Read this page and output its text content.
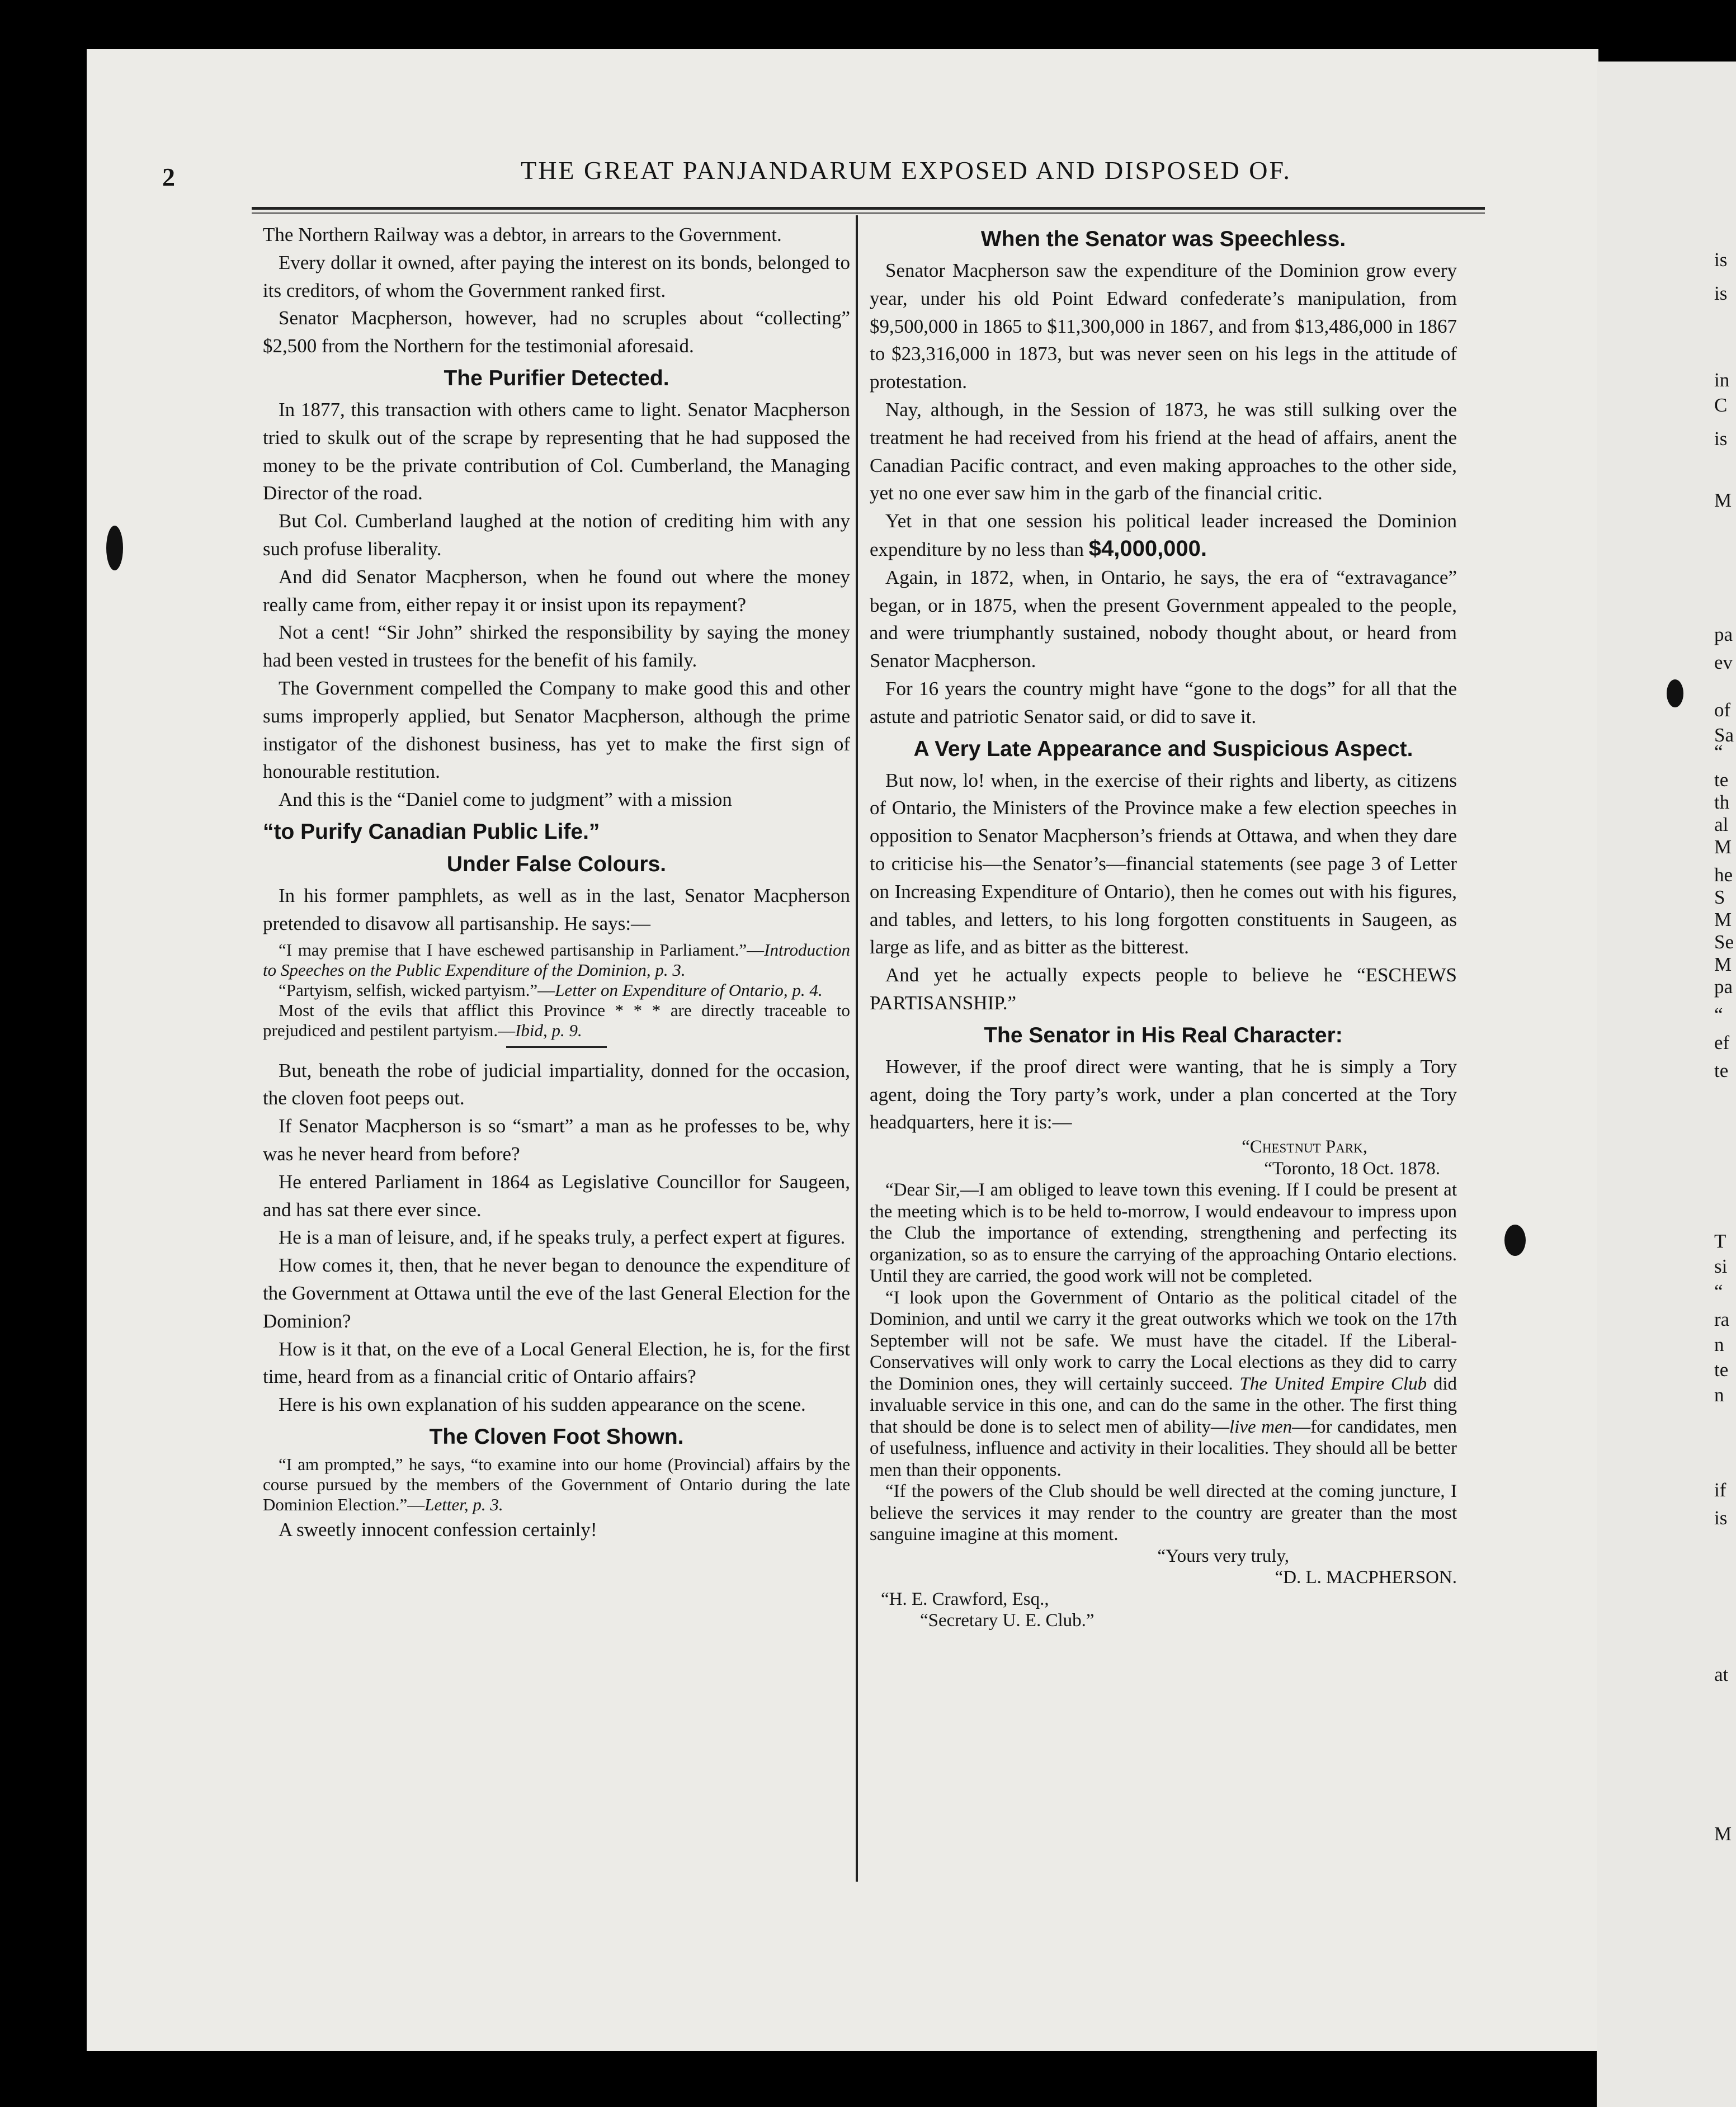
2	THE GREAT PANJANDARUM EXPOSED AND DISPOSED OF.

The Northern Railway was a debtor, in arrears to the Government.

Every dollar it owned, after paying the interest on its bonds, belonged to its creditors, of whom the Government ranked first.

Senator Macpherson, however, had no scruples about “collecting” $2,500 from the Northern for the testimonial aforesaid.

The Purifier Detected.

In 1877, this transaction with others came to light. Senator Macpherson tried to skulk out of the scrape by representing that he had supposed the money to be the private contribution of Col. Cumberland, the Managing Director of the road.

But Col. Cumberland laughed at the notion of crediting him with any such profuse liberality.

And did Senator Macpherson, when he found out where the money really came from, either repay it or insist upon its repayment?

Not a cent! “Sir John” shirked the responsibility by saying the money had been vested in trustees for the benefit of his family.

The Government compelled the Company to make good this and other sums improperly applied, but Senator Macpherson, although the prime instigator of the dishonest business, has yet to make the first sign of honourable restitution.

And this is the “Daniel come to judgment” with a mission

“to Purify Canadian Public Life.”
Under False Colours.

In his former pamphlets, as well as in the last, Senator Macpherson pretended to disavow all partisanship. He says:—

“I may premise that I have eschewed partisanship in Parliament.”—Introduction to Speeches on the Public Expenditure of the Dominion, p. 3.

“Partyism, selfish, wicked partyism.”—Letter on Expenditure of Ontario, p. 4.

Most of the evils that afflict this Province * * * are directly traceable to prejudiced and pestilent partyism.—Ibid, p. 9.

But, beneath the robe of judicial impartiality, donned for the occasion, the cloven foot peeps out.

If Senator Macpherson is so “smart” a man as he professes to be, why was he never heard from before?

He entered Parliament in 1864 as Legislative Councillor for Saugeen, and has sat there ever since.

He is a man of leisure, and, if he speaks truly, a perfect expert at figures.

How comes it, then, that he never began to denounce the expenditure of the Government at Ottawa until the eve of the last General Election for the Dominion?

How is it that, on the eve of a Local General Election, he is, for the first time, heard from as a financial critic of Ontario affairs?

Here is his own explanation of his sudden appearance on the scene.

The Cloven Foot Shown.

“I am prompted,” he says, “to examine into our home (Provincial) affairs by the course pursued by the members of the Government of Ontario during the late Dominion Election.”—Letter, p. 3.

A sweetly innocent confession certainly!

When the Senator was Speechless.

Senator Macpherson saw the expenditure of the Dominion grow every year, under his old Point Edward confederate’s manipulation, from $9,500,000 in 1865 to $11,300,000 in 1867, and from $13,486,000 in 1867 to $23,316,000 in 1873, but was never seen on his legs in the attitude of protestation.

Nay, although, in the Session of 1873, he was still sulking over the treatment he had received from his friend at the head of affairs, anent the Canadian Pacific contract, and even making approaches to the other side, yet no one ever saw him in the garb of the financial critic.

Yet in that one session his political leader increased the Dominion expenditure by no less than $4,000,000.

Again, in 1872, when, in Ontario, he says, the era of “extravagance” began, or in 1875, when the present Government appealed to the people, and were triumphantly sustained, nobody thought about, or heard from Senator Macpherson.

For 16 years the country might have “gone to the dogs” for all that the astute and patriotic Senator said, or did to save it.

A Very Late Appearance and Suspicious Aspect.

But now, lo! when, in the exercise of their rights and liberty, as citizens of Ontario, the Ministers of the Province make a few election speeches in opposition to Senator Macpherson’s friends at Ottawa, and when they dare to criticise his—the Senator’s—financial statements (see page 3 of Letter on Increasing Expenditure of Ontario), then he comes out with his figures, and tables, and letters, to his long forgotten constituents in Saugeen, as large as life, and as bitter as the bitterest.

And yet he actually expects people to believe he “ESCHEWS PARTISANSHIP.”

The Senator in His Real Character:

However, if the proof direct were wanting, that he is simply a Tory agent, doing the Tory party’s work, under a plan concerted at the Tory headquarters, here it is:—

“Chestnut Park,
“Toronto, 18 Oct. 1878.

“Dear Sir,—I am obliged to leave town this evening. If I could be present at the meeting which is to be held to-morrow, I would endeavour to impress upon the Club the importance of extending, strengthening and perfecting its organization, so as to ensure the carrying of the approaching Ontario elections. Until they are carried, the good work will not be completed.

“I look upon the Government of Ontario as the political citadel of the Dominion, and until we carry it the great outworks which we took on the 17th September will not be safe. We must have the citadel. If the Liberal-Conservatives will only work to carry the Local elections as they did to carry the Dominion ones, they will certainly succeed. The United Empire Club did invaluable service in this one, and can do the same in the other. The first thing that should be done is to select men of ability—live men—for candidates, men of usefulness, influence and activity in their localities. They should all be better men than their opponents.

“If the powers of the Club should be well directed at the coming juncture, I believe the services it may render to the country are greater than the most sanguine imagine at this moment.

“Yours very truly,
“D. L. MACPHERSON.
“H. E. Crawford, Esq.,
“Secretary U. E. Club.”
is
is
in
C
is
M
pa
ev
of
Sa
“
te
th
al
M
he
S
M
Se
M
pa
“
ef
te
T
si
“
ra
n
te
n
if
is
at
M
